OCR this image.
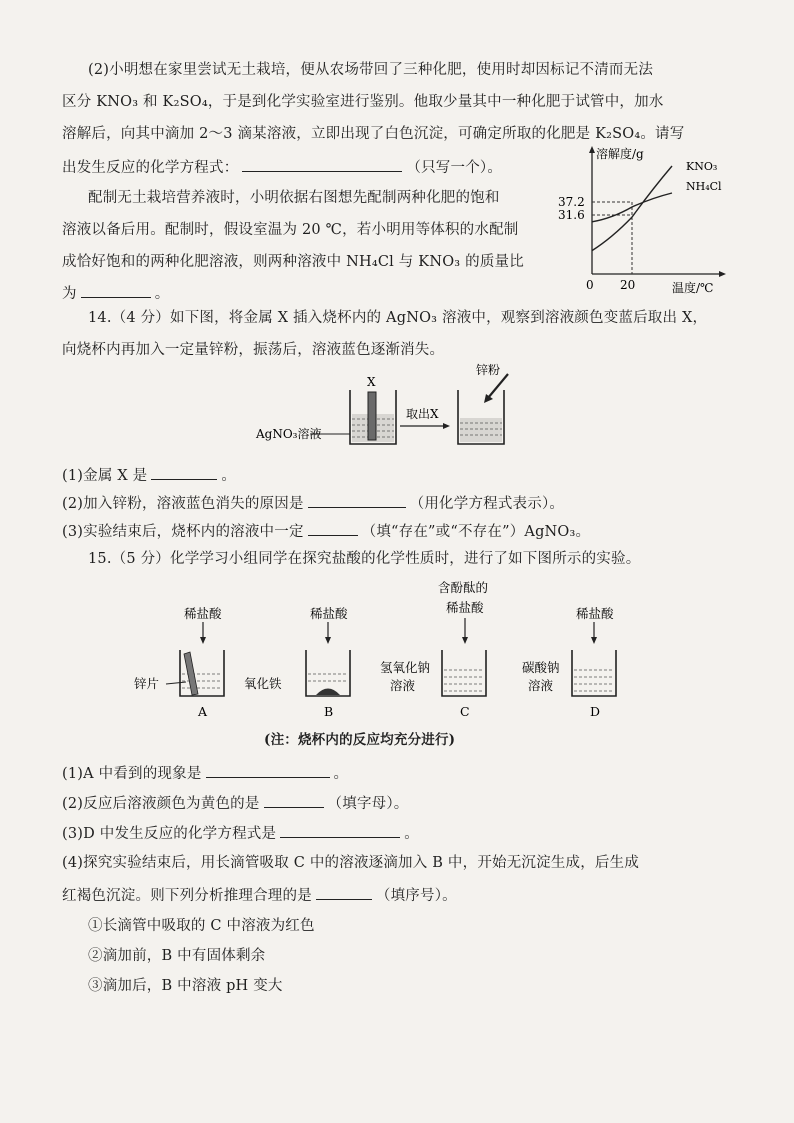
(2)小明想在家里尝试无土栽培，便从农场带回了三种化肥，使用时却因标记不清而无法
区分 KNO₃ 和 K₂SO₄，于是到化学实验室进行鉴别。他取少量其中一种化肥于试管中，加水
溶解后，向其中滴加 2～3 滴某溶液，立即出现了白色沉淀，可确定所取的化肥是 K₂SO₄。请写
出发生反应的化学方程式：	（只写一个）。
配制无土栽培营养液时，小明依据右图想先配制两种化肥的饱和
溶液以备后用。配制时，假设室温为 20 ℃，若小明用等体积的水配制
成恰好饱和的两种化肥溶液，则两种溶液中 NH₄Cl 与 KNO₃ 的质量比
为	。
溶解度/g
温度/℃
0 20
37.2
31.6
KNO₃
NH₄Cl
14.（4 分）如下图，将金属 X 插入烧杯内的 AgNO₃ 溶液中，观察到溶液颜色变蓝后取出 X，
向烧杯内再加入一定量锌粉，振荡后，溶液蓝色逐渐消失。
X
AgNO₃溶液
取出X
锌粉
(1)金属 X 是	。
(2)加入锌粉，溶液蓝色消失的原因是	（用化学方程式表示）。
(3)实验结束后，烧杯内的溶液中一定	（填“存在”或“不存在”）AgNO₃。
15.（5 分）化学学习小组同学在探究盐酸的化学性质时，进行了如下图所示的实验。
稀盐酸
锌片
A
稀盐酸
氧化铁
B
含酚酞的
稀盐酸
氢氧化钠
溶液
C
稀盐酸
碳酸钠
溶液
D
(注：烧杯内的反应均充分进行)
(1)A 中看到的现象是	。
(2)反应后溶液颜色为黄色的是	（填字母）。
(3)D 中发生反应的化学方程式是	。
(4)探究实验结束后，用长滴管吸取 C 中的溶液逐滴加入 B 中，开始无沉淀生成，后生成
红褐色沉淀。则下列分析推理合理的是	（填序号）。
①长滴管中吸取的 C 中溶液为红色
②滴加前，B 中有固体剩余
③滴加后，B 中溶液 pH 变大
